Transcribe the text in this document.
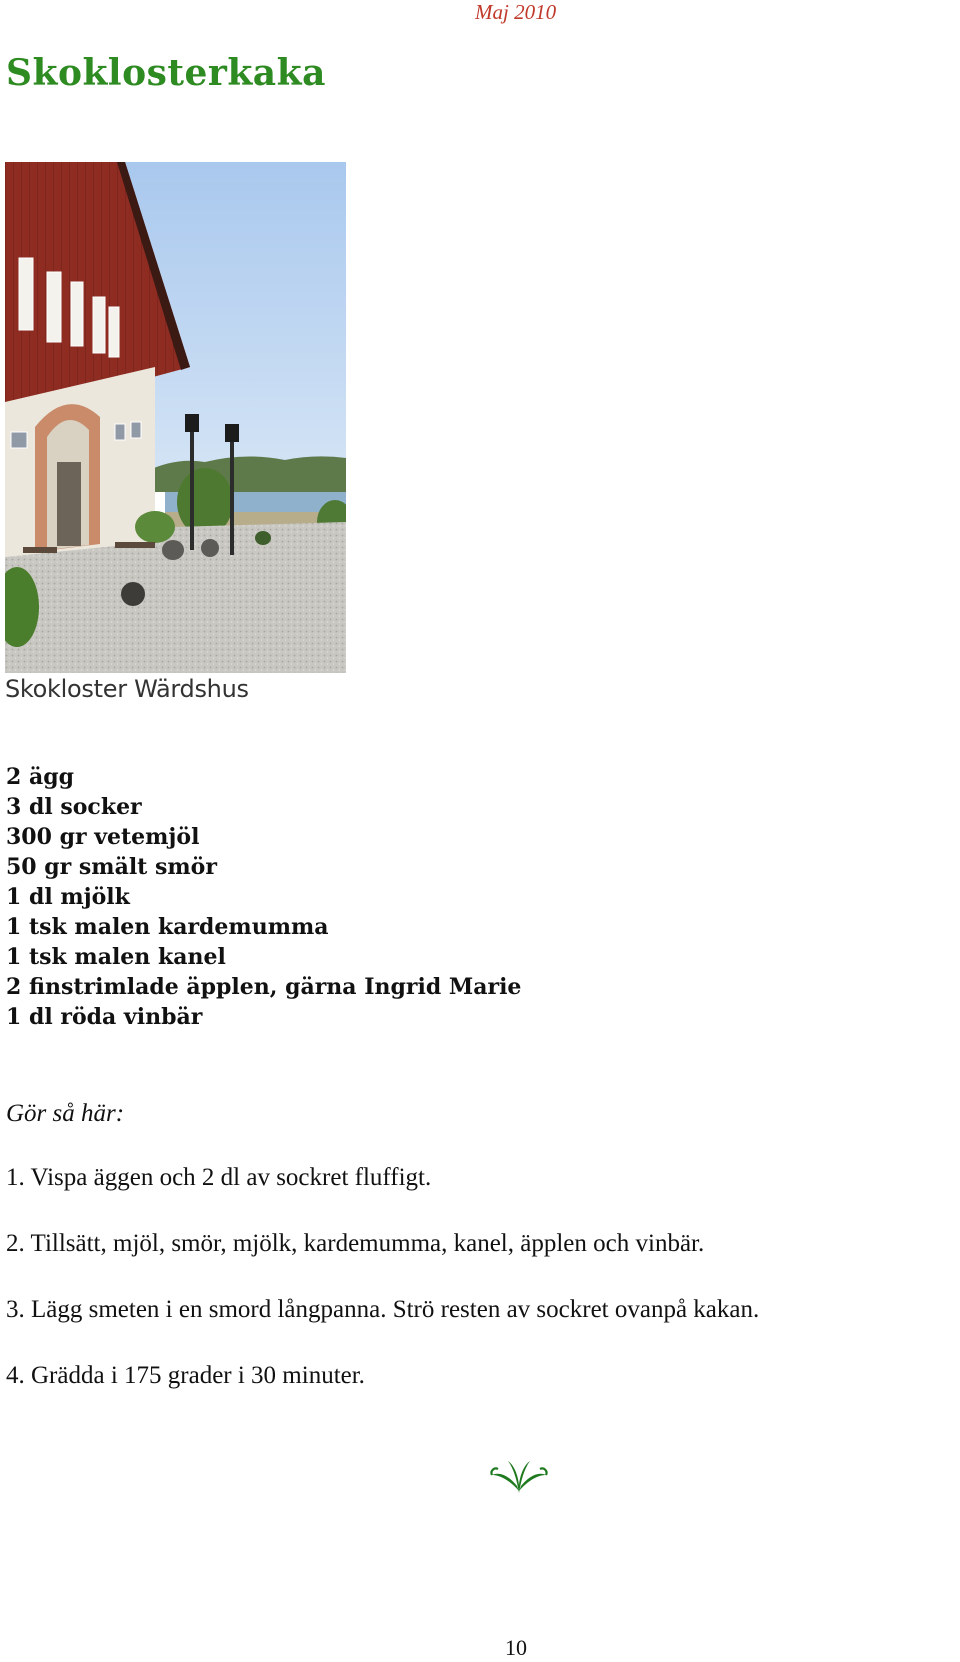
Maj 2010
Skoklosterkaka
Skokloster Wärdshus
2 ägg
3 dl socker
300 gr vetemjöl
50 gr smält smör
1 dl mjölk
1 tsk malen kardemumma
1 tsk malen kanel
2 finstrimlade äpplen, gärna Ingrid Marie
1 dl röda vinbär
Gör så här:
1. Vispa äggen och 2 dl av sockret fluffigt.
2. Tillsätt, mjöl, smör, mjölk, kardemumma, kanel, äpplen och vinbär.
3. Lägg smeten i en smord långpanna. Strö resten av sockret ovanpå kakan.
4. Grädda i 175 grader i 30 minuter.
10
